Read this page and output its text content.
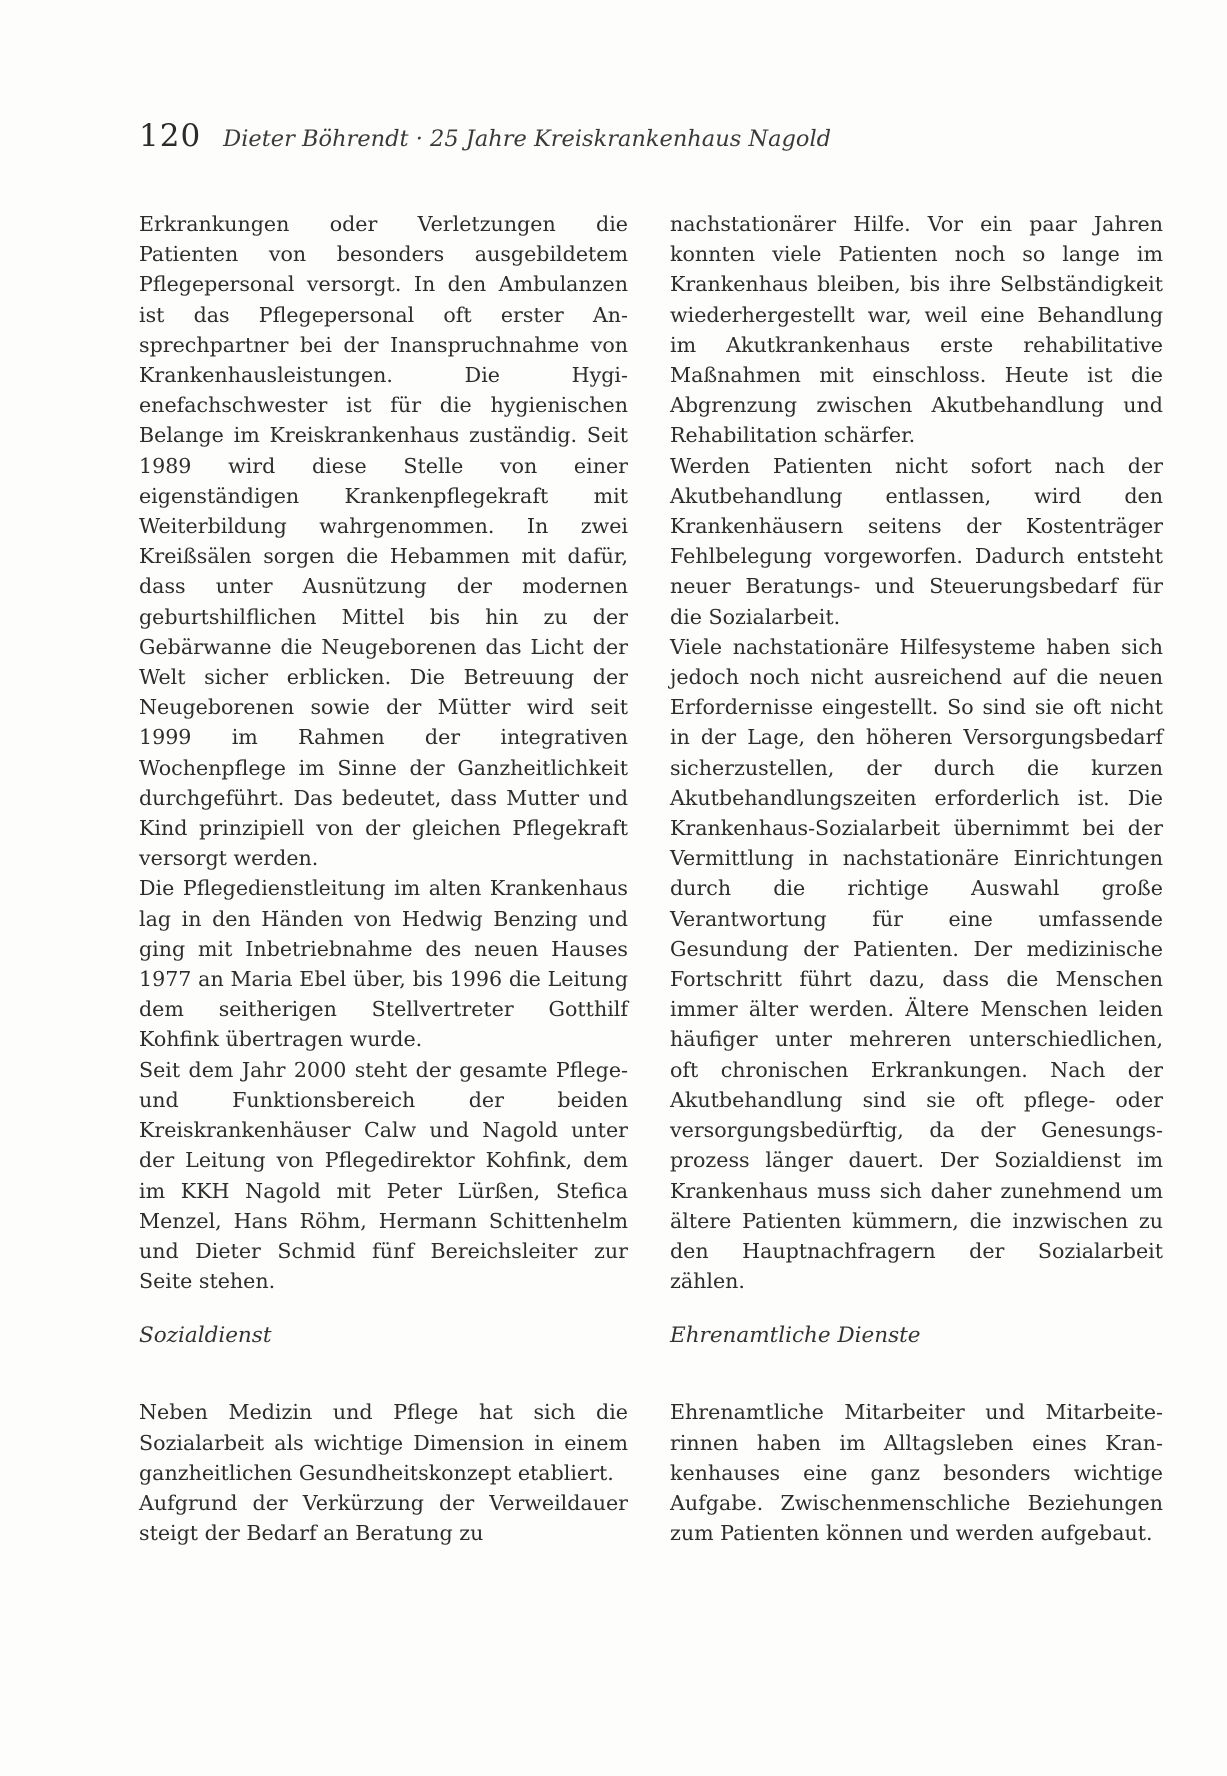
120 Dieter Böhrendt · 25 Jahre Kreiskrankenhaus Nagold

Erkrankungen oder Verletzungen die Patienten von besonders ausgebildetem Pflegepersonal versorgt. In den Ambulanzen ist das Pflegepersonal oft erster Ansprechpartner bei der Inanspruchnahme von Krankenhausleistungen. Die Hygienefachschwester ist für die hygienischen Belange im Kreiskrankenhaus zuständig. Seit 1989 wird diese Stelle von einer eigenständigen Krankenpflegekraft mit Weiterbildung wahrgenommen. In zwei Kreißsälen sorgen die Hebammen mit dafür, dass unter Ausnützung der modernen geburtshilflichen Mittel bis hin zu der Gebärwanne die Neugeborenen das Licht der Welt sicher erblicken. Die Betreuung der Neugeborenen sowie der Mütter wird seit 1999 im Rahmen der integrativen Wochenpflege im Sinne der Ganzheitlichkeit durchgeführt. Das bedeutet, dass Mutter und Kind prinzipiell von der gleichen Pflegekraft versorgt werden.

Die Pflegedienstleitung im alten Krankenhaus lag in den Händen von Hedwig Benzing und ging mit Inbetriebnahme des neuen Hauses 1977 an Maria Ebel über, bis 1996 die Leitung dem seitherigen Stellvertreter Gotthilf Kohfink übertragen wurde.

Seit dem Jahr 2000 steht der gesamte Pflege- und Funktionsbereich der beiden Kreiskrankenhäuser Calw und Nagold unter der Leitung von Pflegedirektor Kohfink, dem im KKH Nagold mit Peter Lürßen, Stefica Menzel, Hans Röhm, Hermann Schittenhelm und Dieter Schmid fünf Bereichsleiter zur Seite stehen.

Sozialdienst

Neben Medizin und Pflege hat sich die Sozialarbeit als wichtige Dimension in einem ganzheitlichen Gesundheitskonzept etabliert.

Aufgrund der Verkürzung der Verweildauer steigt der Bedarf an Beratung zu

nachstationärer Hilfe. Vor ein paar Jahren konnten viele Patienten noch so lange im Krankenhaus bleiben, bis ihre Selbständigkeit wiederhergestellt war, weil eine Behandlung im Akutkrankenhaus erste rehabilitative Maßnahmen mit einschloss. Heute ist die Abgrenzung zwischen Akutbehandlung und Rehabilitation schärfer.

Werden Patienten nicht sofort nach der Akutbehandlung entlassen, wird den Krankenhäusern seitens der Kostenträger Fehlbelegung vorgeworfen. Dadurch entsteht neuer Beratungs- und Steuerungsbedarf für die Sozialarbeit.

Viele nachstationäre Hilfesysteme haben sich jedoch noch nicht ausreichend auf die neuen Erfordernisse eingestellt. So sind sie oft nicht in der Lage, den höheren Versorgungsbedarf sicherzustellen, der durch die kurzen Akutbehandlungszeiten erforderlich ist. Die Krankenhaus-Sozialarbeit übernimmt bei der Vermittlung in nachstationäre Einrichtungen durch die richtige Auswahl große Verantwortung für eine umfassende Gesundung der Patienten. Der medizinische Fortschritt führt dazu, dass die Menschen immer älter werden. Ältere Menschen leiden häufiger unter mehreren unterschiedlichen, oft chronischen Erkrankungen. Nach der Akutbehandlung sind sie oft pflege- oder versorgungsbedürftig, da der Genesungsprozess länger dauert. Der Sozialdienst im Krankenhaus muss sich daher zunehmend um ältere Patienten kümmern, die inzwischen zu den Hauptnachfragern der Sozialarbeit zählen.

Ehrenamtliche Dienste

Ehrenamtliche Mitarbeiter und Mitarbeiterinnen haben im Alltagsleben eines Krankenhauses eine ganz besonders wichtige Aufgabe. Zwischenmenschliche Beziehungen zum Patienten können und werden aufgebaut.
